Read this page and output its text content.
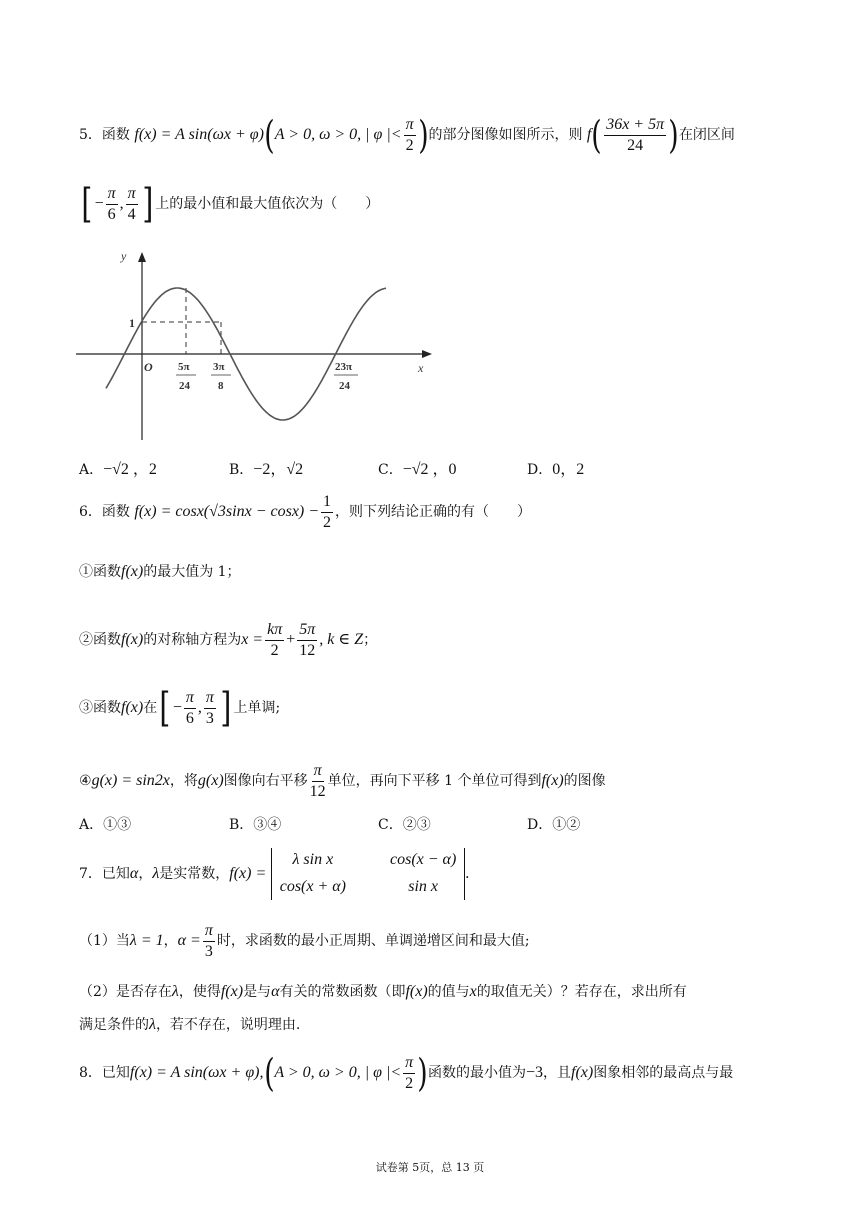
5．函数 f(x) = A sin(ωx + φ)(A > 0, ω > 0, | φ |< $\frac{\pi}{2}$ )的部分图像如图所示，则 $f( \frac{36x + 5\pi}{24}$ )在闭区间
[ − $\frac{\pi}{6}$ , $\frac{\pi}{4}$ ] 上的最小值和最大值依次为（　　）
y
x
O
1
5π
24
3π
8
23π
24
A．−√2 ，2	B．−2，√2	C．−√2 ，0	D．0，2
6．函数 $f(x) = \cos x(√3\sin x - \cos x) - \frac{1}{2}$ ，则下列结论正确的有（　　）
①函数f(x)的最大值为 1；
②函数f(x)的对称轴方程为$x = \frac{k\pi}{2} + \frac{5\pi}{12}$ , k ∈ Z；
③函数f(x)在[ − $\frac{\pi}{6}$ , $\frac{\pi}{3}$ ] 上单调;
④g(x) = sin2x，将g(x)图像向右平移 $\frac{\pi}{12}$ 单位，再向下平移 1 个单位可得到f(x)的图像
A．①③	B．③④	C．②③	D．①②
7．已知α，λ是实常数，f(x) =
λ sin x	cos(x − α)
cos(x + α)	sin x
.
（1）当λ = 1，$\alpha = \frac{\pi}{3}$ 时，求函数的最小正周期、单调递增区间和最大值;
（2）是否存在λ，使得f(x)是与α有关的常数函数（即f(x)的值与x的取值无关）？若存在，求出所有
满足条件的λ，若不存在，说明理由.
8．已知f(x) = A sin(ωx + φ),(A > 0, ω > 0, | φ |< $\frac{\pi}{2}$ )函数的最小值为−3，且f(x)图象相邻的最高点与最
试卷第 5页，总 13 页
